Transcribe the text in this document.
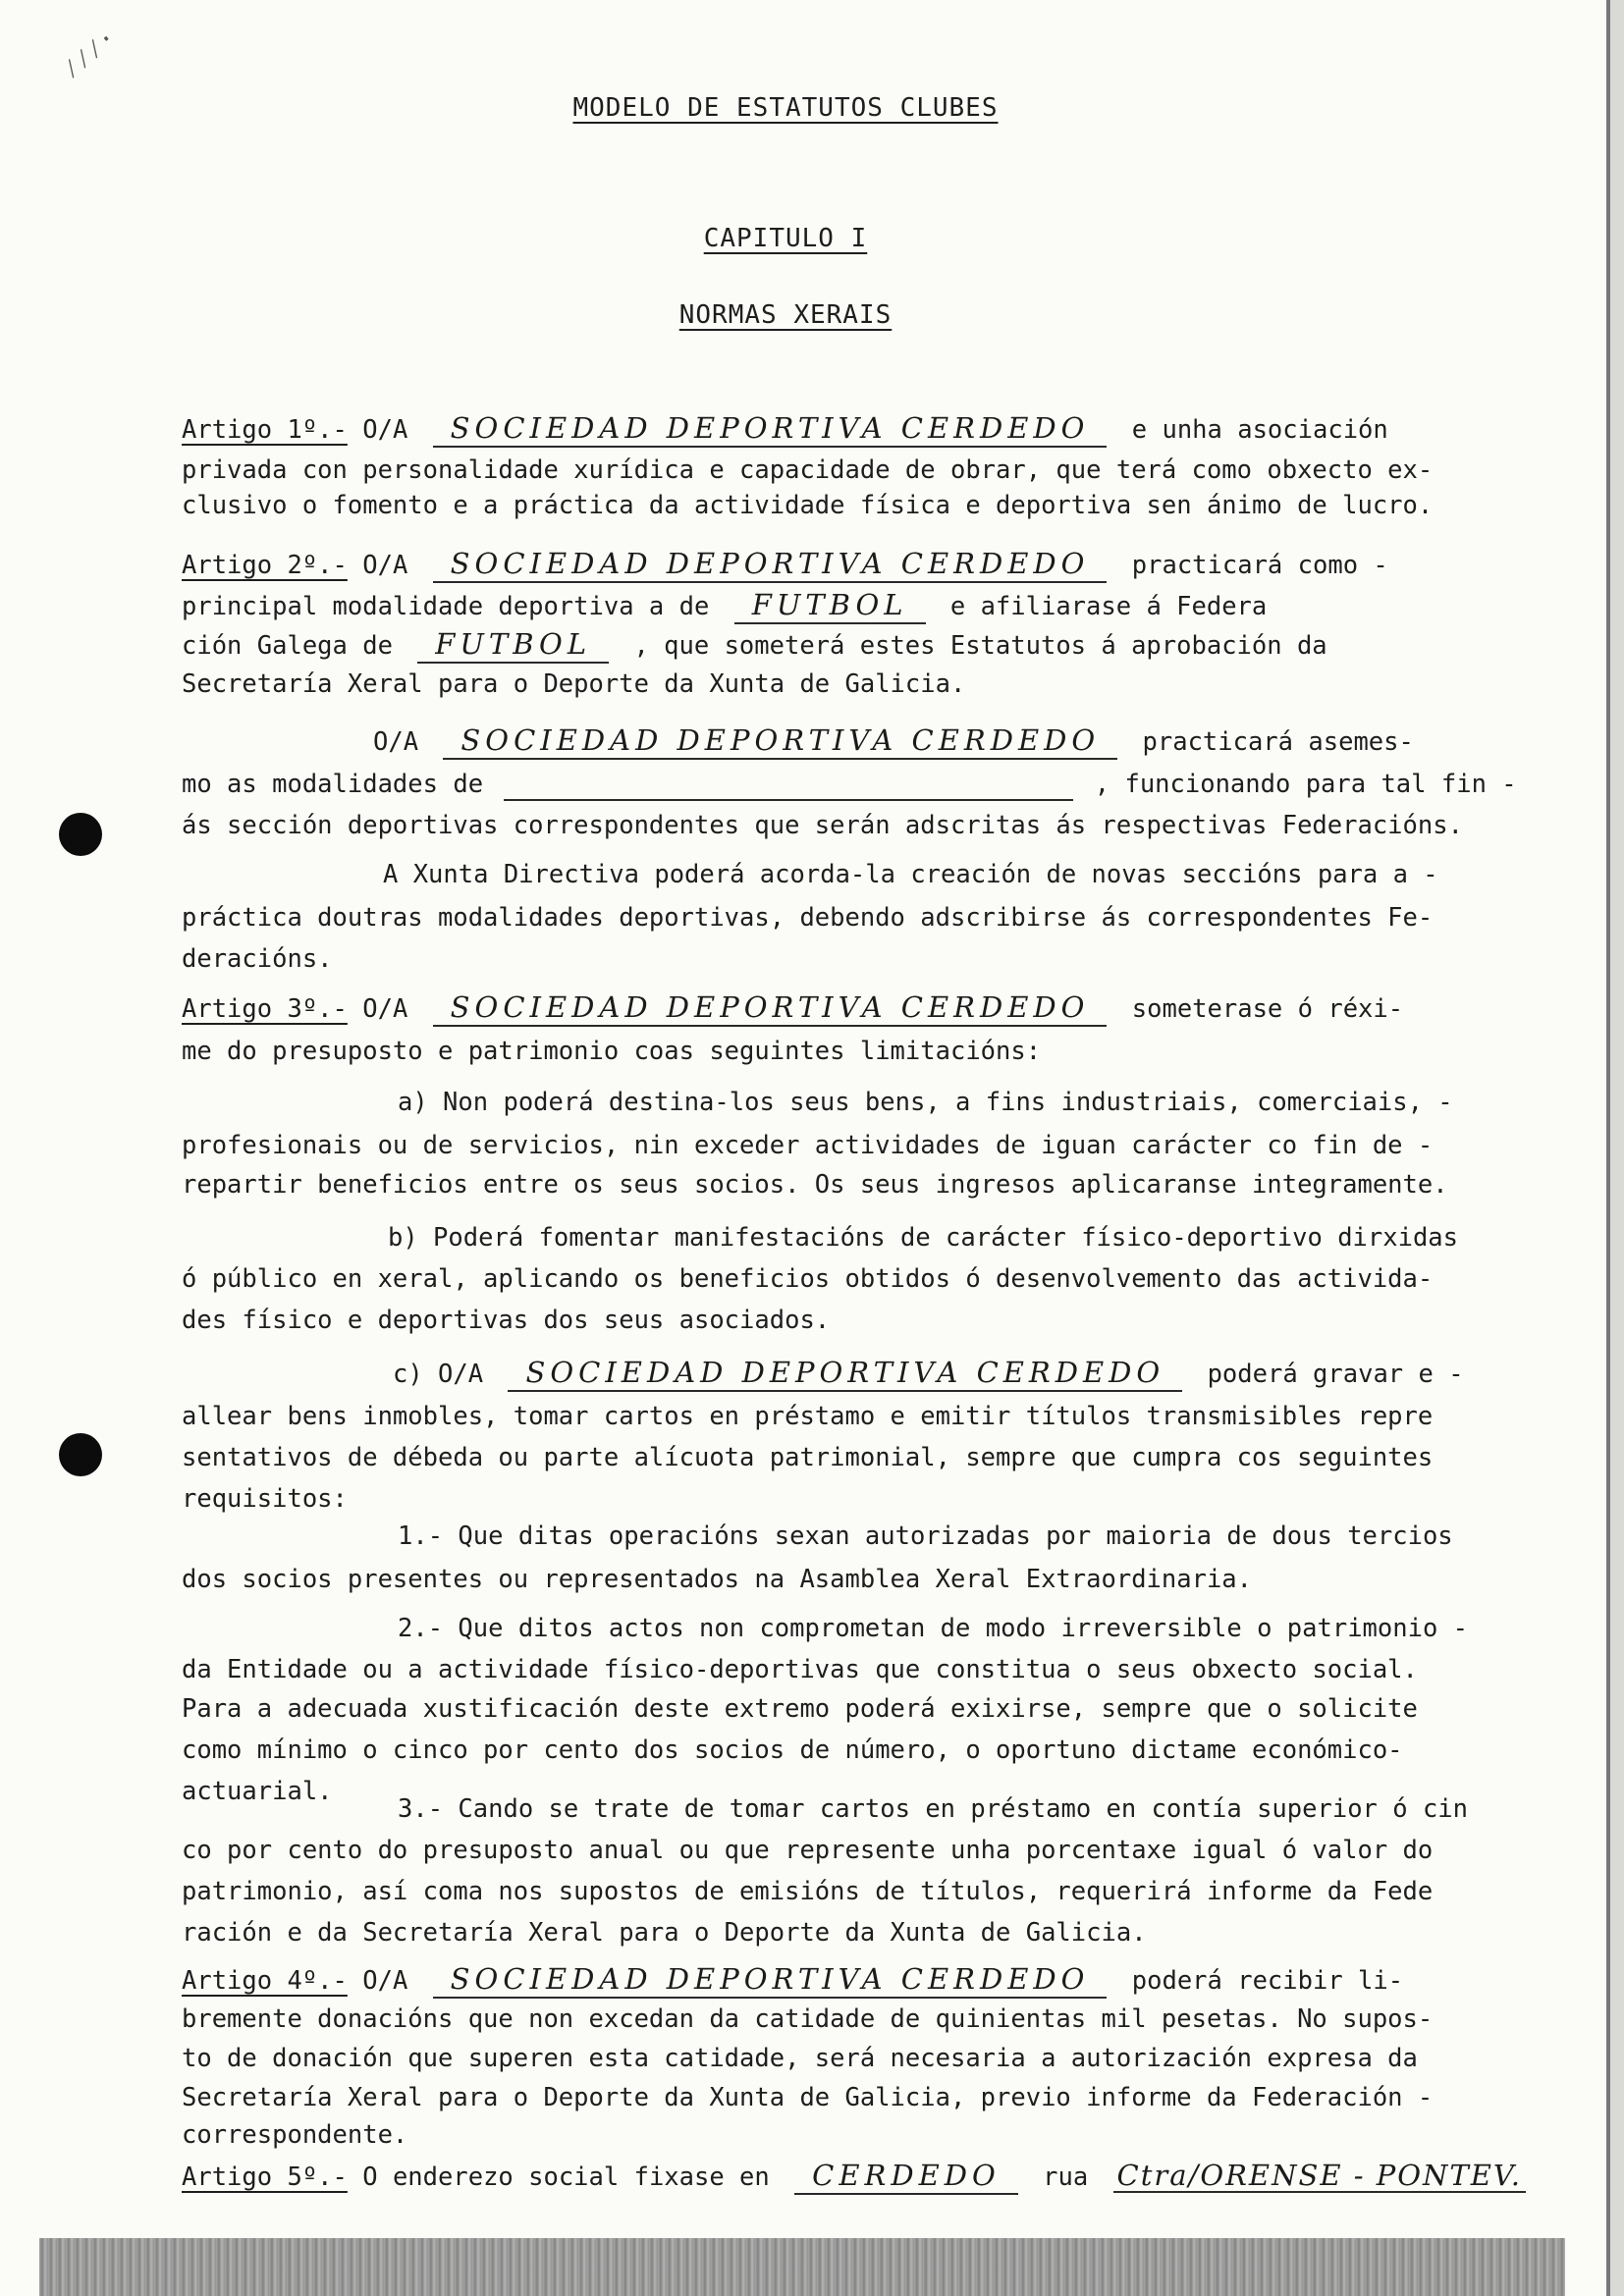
⁄⁄⁄·
MODELO DE ESTATUTOS CLUBES
CAPITULO I
NORMAS XERAIS
Artigo 1º.- O/A SOCIEDAD DEPORTIVA CERDEDO e unha asociación
privada con personalidade xurídica e capacidade de obrar, que terá como obxecto ex-
clusivo o fomento e a práctica da actividade física e deportiva sen ánimo de lucro.
Artigo 2º.- O/A SOCIEDAD DEPORTIVA CERDEDO practicará como -
principal modalidade deportiva a de FUTBOL e afiliarase á Federa
ción Galega de FUTBOL , que someterá estes Estatutos á aprobación da
Secretaría Xeral para o Deporte da Xunta de Galicia.
O/A SOCIEDAD DEPORTIVA CERDEDO practicará asemes-
mo as modalidades de	, funcionando para tal fin -
ás sección deportivas correspondentes que serán adscritas ás respectivas Federacións.
A Xunta Directiva poderá acorda-la creación de novas seccións para a -
práctica doutras modalidades deportivas, debendo adscribirse ás correspondentes Fe-
deracións.
Artigo 3º.- O/A SOCIEDAD DEPORTIVA CERDEDO someterase ó réxi-
me do presuposto e patrimonio coas seguintes limitacións:
a) Non poderá destina-los seus bens, a fins industriais, comerciais, -
profesionais ou de servicios, nin exceder actividades de iguan carácter co fin de -
repartir beneficios entre os seus socios. Os seus ingresos aplicaranse integramente.
b) Poderá fomentar manifestacións de carácter físico-deportivo dirxidas
ó público en xeral, aplicando os beneficios obtidos ó desenvolvemento das activida-
des físico e deportivas dos seus asociados.
c) O/A SOCIEDAD DEPORTIVA CERDEDO poderá gravar e -
allear bens inmobles, tomar cartos en préstamo e emitir títulos transmisibles repre
sentativos de débeda ou parte alícuota patrimonial, sempre que cumpra cos seguintes
requisitos:
1.- Que ditas operacións sexan autorizadas por maioria de dous tercios
dos socios presentes ou representados na Asamblea Xeral Extraordinaria.
2.- Que ditos actos non comprometan de modo irreversible o patrimonio -
da Entidade ou a actividade físico-deportivas que constitua o seus obxecto social.
Para a adecuada xustificación deste extremo poderá exixirse, sempre que o solicite
como mínimo o cinco por cento dos socios de número, o oportuno dictame económico-
actuarial.
3.- Cando se trate de tomar cartos en préstamo en contía superior ó cin
co por cento do presuposto anual ou que represente unha porcentaxe igual ó valor do
patrimonio, así coma nos supostos de emisións de títulos, requerirá informe da Fede
ración e da Secretaría Xeral para o Deporte da Xunta de Galicia.
Artigo 4º.- O/A SOCIEDAD DEPORTIVA CERDEDO poderá recibir li-
bremente donacións que non excedan da catidade de quinientas mil pesetas. No supos-
to de donación que superen esta catidade, será necesaria a autorización expresa da
Secretaría Xeral para o Deporte da Xunta de Galicia, previo informe da Federación -
correspondente.
Artigo 5º.- O enderezo social fixase en CERDEDO rua Ctra/ORENSE - PONTEV.
